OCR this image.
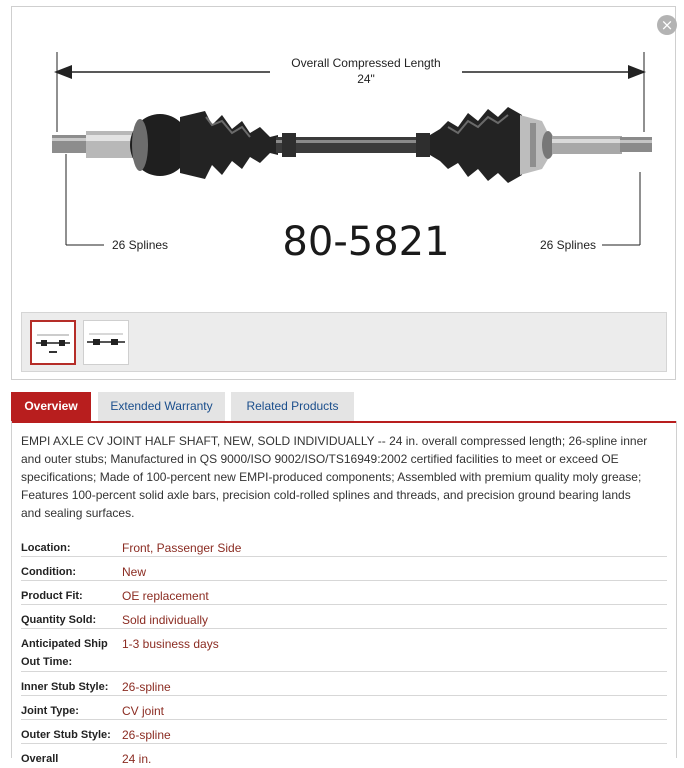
×
Overall Compressed Length
24"
26 Splines	26 Splines
80-5821
Overview	Extended Warranty	Related Products
EMPI AXLE CV JOINT HALF SHAFT, NEW, SOLD INDIVIDUALLY -- 24 in. overall compressed length; 26-spline inner
and outer stubs; Manufactured in QS 9000/ISO 9002/ISO/TS16949:2002 certified facilities to meet or exceed OE
specifications; Made of 100-percent new EMPI-produced components; Assembled with premium quality moly grease;
Features 100-percent solid axle bars, precision cold-rolled splines and threads, and precision ground bearing lands
and sealing surfaces.
Location:	Front, Passenger Side
Condition:	New
Product Fit:	OE replacement
Quantity Sold:	Sold individually
Anticipated Ship Out Time:
1-3 business days
Inner Stub Style:	26-spline
Joint Type:	CV joint
Outer Stub Style: 26-spline
Overall	24 in.
